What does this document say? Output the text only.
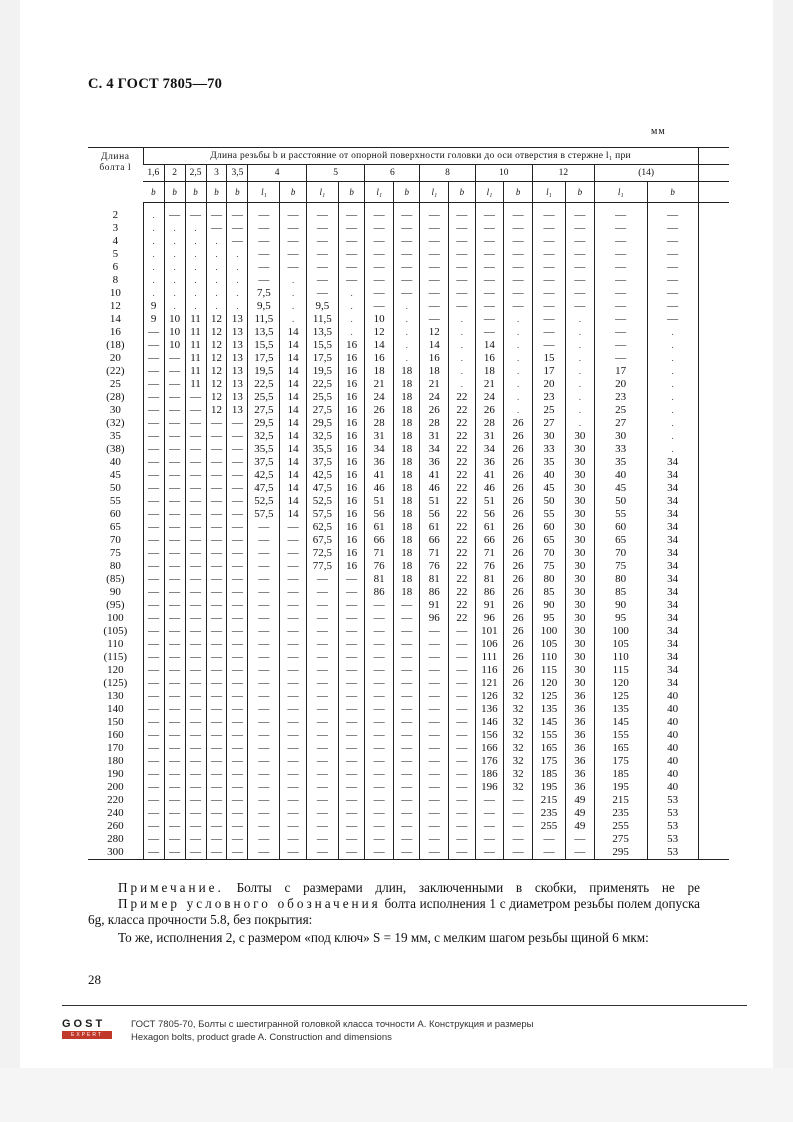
С. 4 ГОСТ 7805—70
мм
Длина болта l	Длина резьбы b и расстояние от опорной поверхности головки до оси отверстия в стержне l₁ при																			
	1,6	2	2,5	3	3,5	4		5		6		8		10		12		(14)		
	b	b	b	b	b	l₁	b	l₁	b	l₁	b	l₁	b	l₁	b	l₁	b	l₁	b	

2	.	—	—	—	—	—	—	—	—	—	—	—	—	—	—	—	—	—	—	
3	.	.	.	—	—	—	—	—	—	—	—	—	—	—	—	—	—	—	—	
4	.	.	.	.	—	—	—	—	—	—	—	—	—	—	—	—	—	—	—	
5	.	.	.	.	.	—	—	—	—	—	—	—	—	—	—	—	—	—	—	
6	.	.	.	.	.	—	—	—	—	—	—	—	—	—	—	—	—	—	—	
8	.	.	.	.	.	—	.	—	—	—	—	—	—	—	—	—	—	—	—	
10	.	.	.	.	.	7,5	.	—	.	—	—	—	—	—	—	—	—	—	—	
12	9	.	.	.	.	9,5	.	9,5	.	—	.	—	—	—	—	—	—	—	—	
14	9	10	11	12	13	11,5	.	11,5	.	10	.	—	.	—	.	—	.	—	—	
16	—	10	11	12	13	13,5	14	13,5	.	12	.	12	.	—	.	—	.	—	.	
(18)	—	10	11	12	13	15,5	14	15,5	16	14	.	14	.	14	.	—	.	—	.	
20	—	—	11	12	13	17,5	14	17,5	16	16	.	16	.	16	.	15	.	—	.	
(22)	—	—	11	12	13	19,5	14	19,5	16	18	18	18	.	18	.	17	.	17	.	
25	—	—	11	12	13	22,5	14	22,5	16	21	18	21	.	21	.	20	.	20	.	
(28)	—	—	—	12	13	25,5	14	25,5	16	24	18	24	22	24	.	23	.	23	.	
30	—	—	—	12	13	27,5	14	27,5	16	26	18	26	22	26	.	25	.	25	.	
(32)	—	—	—	—	—	29,5	14	29,5	16	28	18	28	22	28	26	27	.	27	.	
35	—	—	—	—	—	32,5	14	32,5	16	31	18	31	22	31	26	30	30	30	.	
(38)	—	—	—	—	—	35,5	14	35,5	16	34	18	34	22	34	26	33	30	33	.	
40	—	—	—	—	—	37,5	14	37,5	16	36	18	36	22	36	26	35	30	35	34	
45	—	—	—	—	—	42,5	14	42,5	16	41	18	41	22	41	26	40	30	40	34	
50	—	—	—	—	—	47,5	14	47,5	16	46	18	46	22	46	26	45	30	45	34	
55	—	—	—	—	—	52,5	14	52,5	16	51	18	51	22	51	26	50	30	50	34	
60	—	—	—	—	—	57,5	14	57,5	16	56	18	56	22	56	26	55	30	55	34	
65	—	—	—	—	—	—	—	62,5	16	61	18	61	22	61	26	60	30	60	34	
70	—	—	—	—	—	—	—	67,5	16	66	18	66	22	66	26	65	30	65	34	
75	—	—	—	—	—	—	—	72,5	16	71	18	71	22	71	26	70	30	70	34	
80	—	—	—	—	—	—	—	77,5	16	76	18	76	22	76	26	75	30	75	34	
(85)	—	—	—	—	—	—	—	—	—	81	18	81	22	81	26	80	30	80	34	
90	—	—	—	—	—	—	—	—	—	86	18	86	22	86	26	85	30	85	34	
(95)	—	—	—	—	—	—	—	—	—	—	—	91	22	91	26	90	30	90	34	
100	—	—	—	—	—	—	—	—	—	—	—	96	22	96	26	95	30	95	34	
(105)	—	—	—	—	—	—	—	—	—	—	—	—	—	101	26	100	30	100	34	
110	—	—	—	—	—	—	—	—	—	—	—	—	—	106	26	105	30	105	34	
(115)	—	—	—	—	—	—	—	—	—	—	—	—	—	111	26	110	30	110	34	
120	—	—	—	—	—	—	—	—	—	—	—	—	—	116	26	115	30	115	34	
(125)	—	—	—	—	—	—	—	—	—	—	—	—	—	121	26	120	30	120	34	
130	—	—	—	—	—	—	—	—	—	—	—	—	—	126	32	125	36	125	40	
140	—	—	—	—	—	—	—	—	—	—	—	—	—	136	32	135	36	135	40	
150	—	—	—	—	—	—	—	—	—	—	—	—	—	146	32	145	36	145	40	
160	—	—	—	—	—	—	—	—	—	—	—	—	—	156	32	155	36	155	40	
170	—	—	—	—	—	—	—	—	—	—	—	—	—	166	32	165	36	165	40	
180	—	—	—	—	—	—	—	—	—	—	—	—	—	176	32	175	36	175	40	
190	—	—	—	—	—	—	—	—	—	—	—	—	—	186	32	185	36	185	40	
200	—	—	—	—	—	—	—	—	—	—	—	—	—	196	32	195	36	195	40	
220	—	—	—	—	—	—	—	—	—	—	—	—	—	—	—	215	49	215	53	
240	—	—	—	—	—	—	—	—	—	—	—	—	—	—	—	235	49	235	53	
260	—	—	—	—	—	—	—	—	—	—	—	—	—	—	—	255	49	255	53	
280	—	—	—	—	—	—	—	—	—	—	—	—	—	—	—	—	—	275	53	
300	—	—	—	—	—	—	—	—	—	—	—	—	—	—	—	—	—	295	53	
Примечание. Болты с размерами длин, заключенными в скобки, применять не ре
Пример условного обозначения болта исполнения 1 с диаметром резьбы полем допуска 6g, класса прочности 5.8, без покрытия:
То же, исполнения 2, с размером «под ключ» S = 19 мм, с мелким шагом резьбы щиной 6 мкм:
28
GOST
EXPERT
ГОСТ 7805-70, Болты с шестигранной головкой класса точности А. Конструкция и размеры
Hexagon bolts, product grade A. Construction and dimensions
